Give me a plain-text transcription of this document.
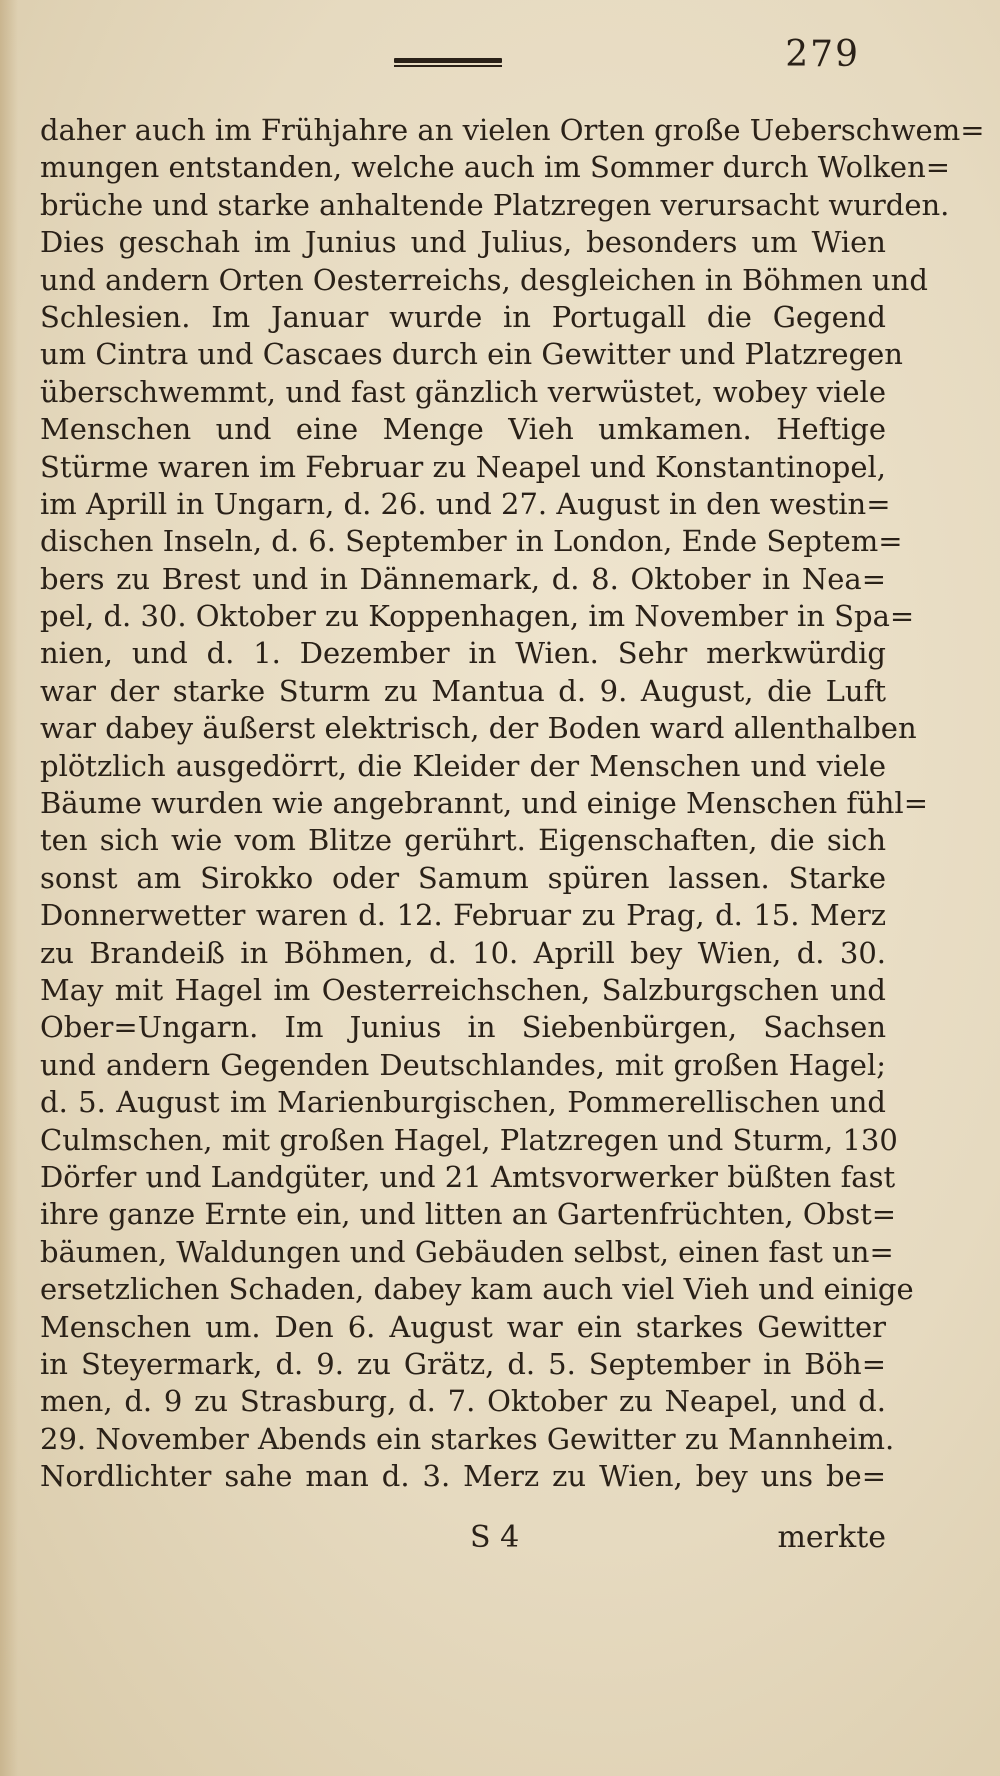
279
daher auch im Frühjahre an vielen Orten große Ueberschwem=
mungen entstanden, welche auch im Sommer durch Wolken=
brüche und starke anhaltende Platzregen verursacht wurden.
Dies geschah im Junius und Julius, besonders um Wien
und andern Orten Oesterreichs, desgleichen in Böhmen und
Schlesien. Im Januar wurde in Portugall die Gegend
um Cintra und Cascaes durch ein Gewitter und Platzregen
überschwemmt, und fast gänzlich verwüstet, wobey viele
Menschen und eine Menge Vieh umkamen. Heftige
Stürme waren im Februar zu Neapel und Konstantinopel,
im Aprill in Ungarn, d. 26. und 27. August in den westin=
dischen Inseln, d. 6. September in London, Ende Septem=
bers zu Brest und in Dännemark, d. 8. Oktober in Nea=
pel, d. 30. Oktober zu Koppenhagen, im November in Spa=
nien, und d. 1. Dezember in Wien. Sehr merkwürdig
war der starke Sturm zu Mantua d. 9. August, die Luft
war dabey äußerst elektrisch, der Boden ward allenthalben
plötzlich ausgedörrt, die Kleider der Menschen und viele
Bäume wurden wie angebrannt, und einige Menschen fühl=
ten sich wie vom Blitze gerührt. Eigenschaften, die sich
sonst am Sirokko oder Samum spüren lassen. Starke
Donnerwetter waren d. 12. Februar zu Prag, d. 15. Merz
zu Brandeiß in Böhmen, d. 10. Aprill bey Wien, d. 30.
May mit Hagel im Oesterreichschen, Salzburgschen und
Ober=Ungarn. Im Junius in Siebenbürgen, Sachsen
und andern Gegenden Deutschlandes, mit großen Hagel;
d. 5. August im Marienburgischen, Pommerellischen und
Culmschen, mit großen Hagel, Platzregen und Sturm, 130
Dörfer und Landgüter, und 21 Amtsvorwerker büßten fast
ihre ganze Ernte ein, und litten an Gartenfrüchten, Obst=
bäumen, Waldungen und Gebäuden selbst, einen fast un=
ersetzlichen Schaden, dabey kam auch viel Vieh und einige
Menschen um. Den 6. August war ein starkes Gewitter
in Steyermark, d. 9. zu Grätz, d. 5. September in Böh=
men, d. 9 zu Strasburg, d. 7. Oktober zu Neapel, und d.
29. November Abends ein starkes Gewitter zu Mannheim.
Nordlichter sahe man d. 3. Merz zu Wien, bey uns be=
S 4	merkte
